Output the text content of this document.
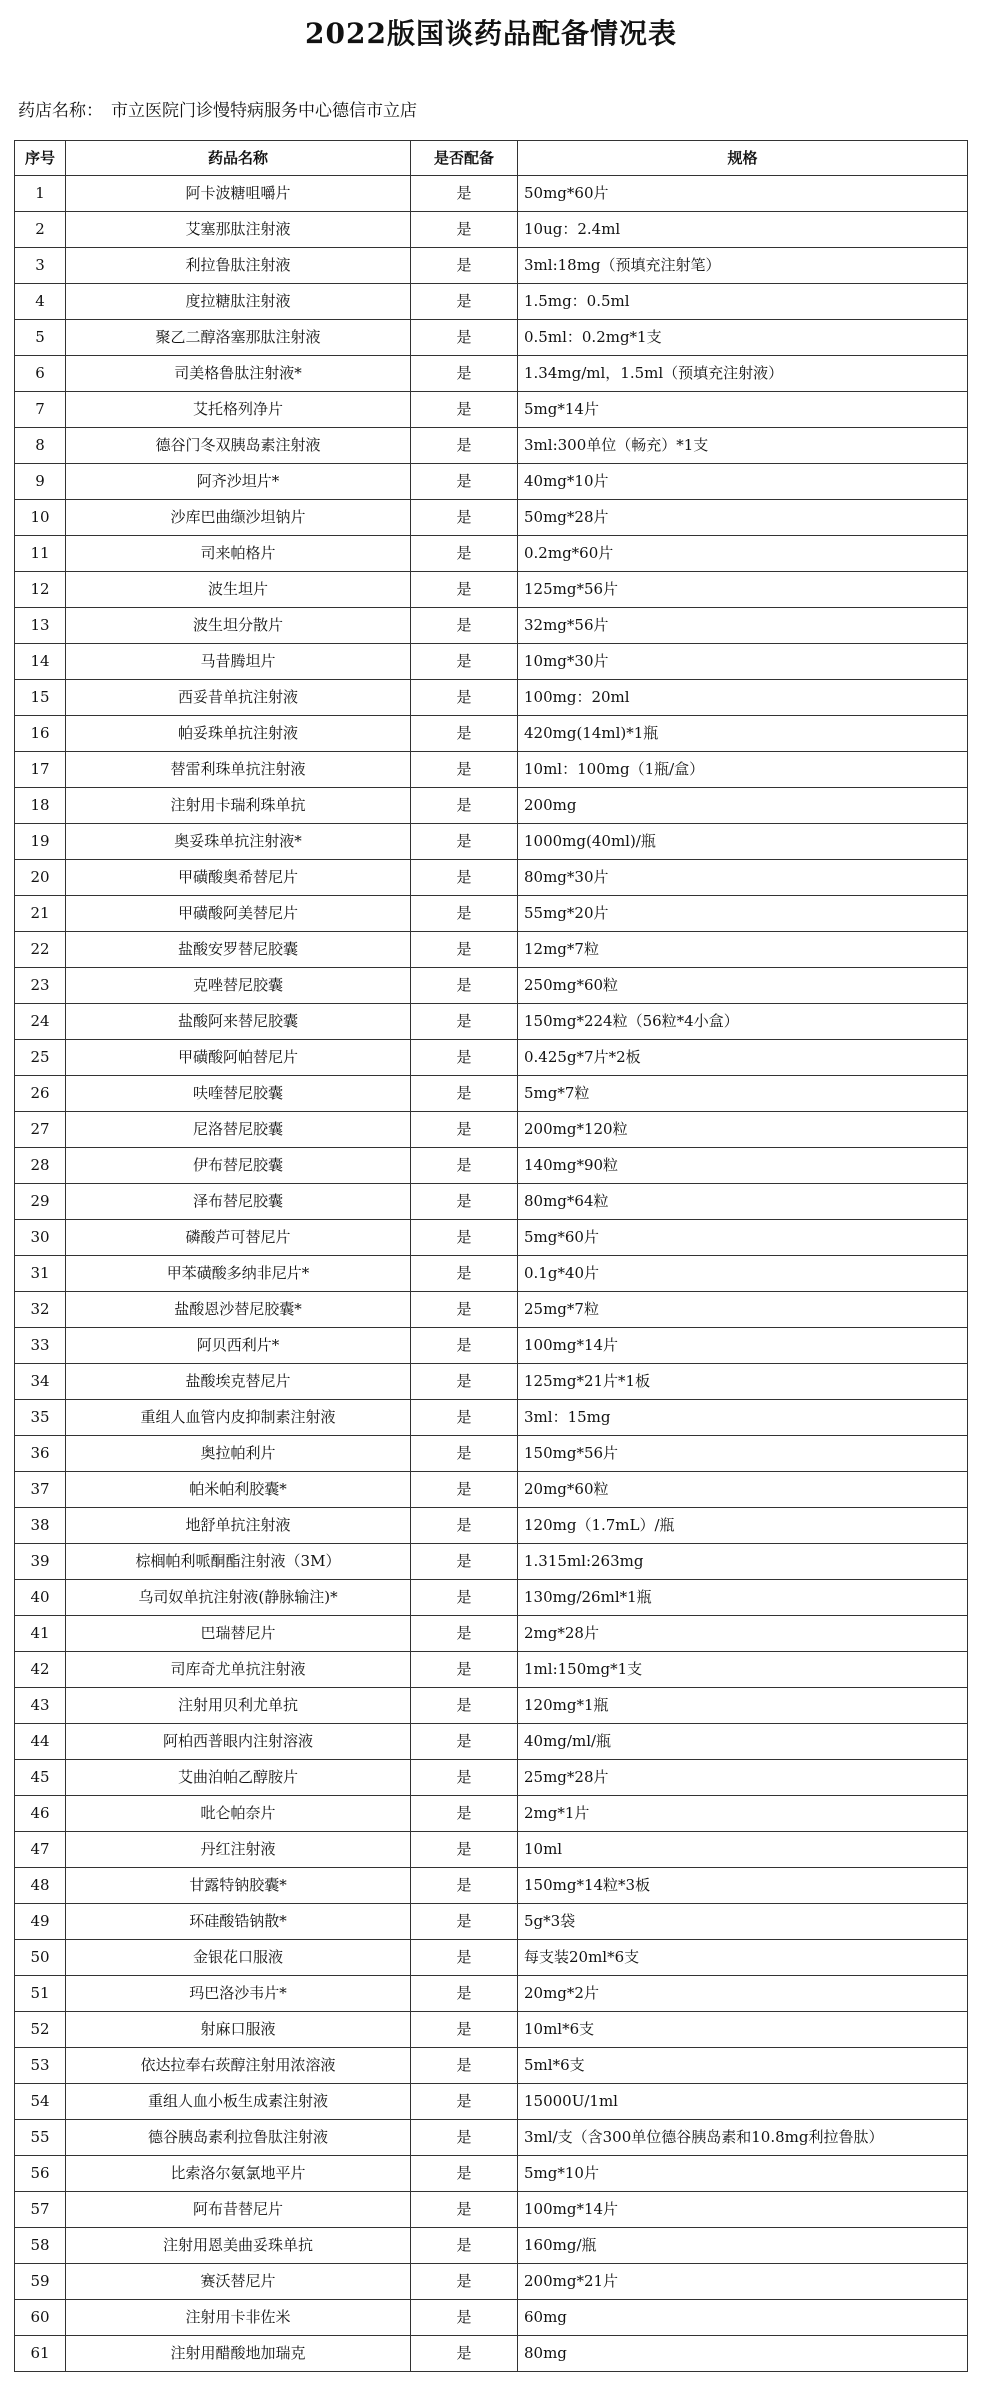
2022版国谈药品配备情况表
药店名称： 市立医院门诊慢特病服务中心德信市立店
序号	药品名称	是否配备	规格
1	阿卡波糖咀嚼片	是	50mg*60片
2	艾塞那肽注射液	是	10ug：2.4ml
3	利拉鲁肽注射液	是	3ml:18mg（预填充注射笔）
4	度拉糖肽注射液	是	1.5mg：0.5ml
5	聚乙二醇洛塞那肽注射液	是	0.5ml：0.2mg*1支
6	司美格鲁肽注射液*	是	1.34mg/ml，1.5ml（预填充注射液）
7	艾托格列净片	是	5mg*14片
8	德谷门冬双胰岛素注射液	是	3ml:300单位（畅充）*1支
9	阿齐沙坦片*	是	40mg*10片
10	沙库巴曲缬沙坦钠片	是	50mg*28片
11	司来帕格片	是	0.2mg*60片
12	波生坦片	是	125mg*56片
13	波生坦分散片	是	32mg*56片
14	马昔腾坦片	是	10mg*30片
15	西妥昔单抗注射液	是	100mg：20ml
16	帕妥珠单抗注射液	是	420mg(14ml)*1瓶
17	替雷利珠单抗注射液	是	10ml：100mg（1瓶/盒）
18	注射用卡瑞利珠单抗	是	200mg
19	奥妥珠单抗注射液*	是	1000mg(40ml)/瓶
20	甲磺酸奥希替尼片	是	80mg*30片
21	甲磺酸阿美替尼片	是	55mg*20片
22	盐酸安罗替尼胶囊	是	12mg*7粒
23	克唑替尼胶囊	是	250mg*60粒
24	盐酸阿来替尼胶囊	是	150mg*224粒（56粒*4小盒）
25	甲磺酸阿帕替尼片	是	0.425g*7片*2板
26	呋喹替尼胶囊	是	5mg*7粒
27	尼洛替尼胶囊	是	200mg*120粒
28	伊布替尼胶囊	是	140mg*90粒
29	泽布替尼胶囊	是	80mg*64粒
30	磷酸芦可替尼片	是	5mg*60片
31	甲苯磺酸多纳非尼片*	是	0.1g*40片
32	盐酸恩沙替尼胶囊*	是	25mg*7粒
33	阿贝西利片*	是	100mg*14片
34	盐酸埃克替尼片	是	125mg*21片*1板
35	重组人血管内皮抑制素注射液	是	3ml：15mg
36	奥拉帕利片	是	150mg*56片
37	帕米帕利胶囊*	是	20mg*60粒
38	地舒单抗注射液	是	120mg（1.7mL）/瓶
39	棕榈帕利哌酮酯注射液（3M）	是	1.315ml:263mg
40	乌司奴单抗注射液(静脉输注)*	是	130mg/26ml*1瓶
41	巴瑞替尼片	是	2mg*28片
42	司库奇尤单抗注射液	是	1ml:150mg*1支
43	注射用贝利尤单抗	是	120mg*1瓶
44	阿柏西普眼内注射溶液	是	40mg/ml/瓶
45	艾曲泊帕乙醇胺片	是	25mg*28片
46	吡仑帕奈片	是	2mg*1片
47	丹红注射液	是	10ml
48	甘露特钠胶囊*	是	150mg*14粒*3板
49	环硅酸锆钠散*	是	5g*3袋
50	金银花口服液	是	每支装20ml*6支
51	玛巴洛沙韦片*	是	20mg*2片
52	射麻口服液	是	10ml*6支
53	依达拉奉右莰醇注射用浓溶液	是	5ml*6支
54	重组人血小板生成素注射液	是	15000U/1ml
55	德谷胰岛素利拉鲁肽注射液	是	3ml/支（含300单位德谷胰岛素和10.8mg利拉鲁肽）
56	比索洛尔氨氯地平片	是	5mg*10片
57	阿布昔替尼片	是	100mg*14片
58	注射用恩美曲妥珠单抗	是	160mg/瓶
59	赛沃替尼片	是	200mg*21片
60	注射用卡非佐米	是	60mg
61	注射用醋酸地加瑞克	是	80mg
